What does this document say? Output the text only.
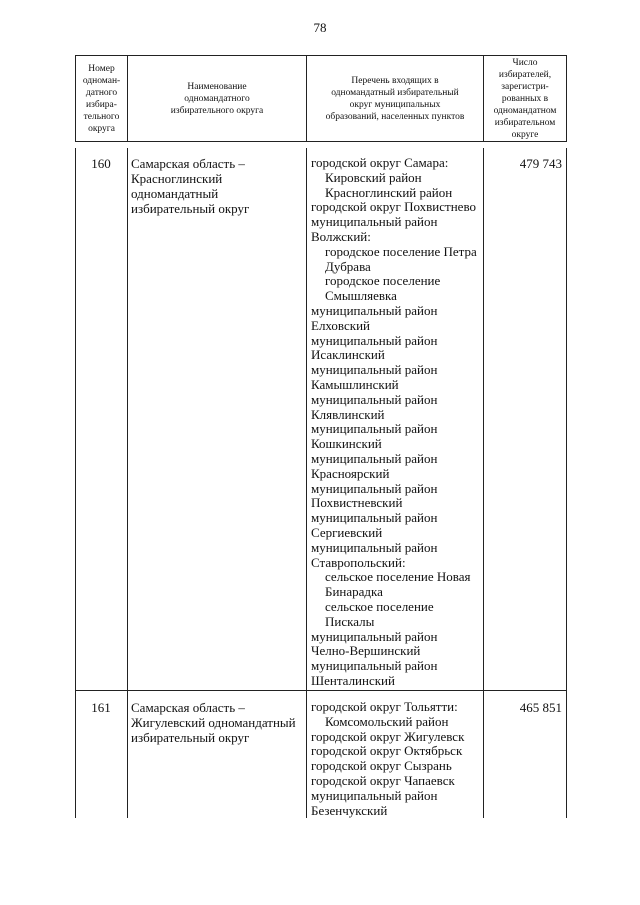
78
Номер
одноман-
датного
избира-
тельного
округа
Наименование
одномандатного
избирательного округа
Перечень входящих в
одномандатный избирательный
округ муниципальных
образований, населенных пунктов
Число
избирателей,
зарегистри-
рованных в
одномандатном
избирательном
округе
160	Самарская область –
Красноглинский
одномандатный
избирательный округ
городской округ Самара:
Кировский район
Красноглинский район
городской округ Похвистнево
муниципальный район
Волжский:
городское поселение Петра
Дубрава
городское поселение
Смышляевка
муниципальный район
Елховский
муниципальный район
Исаклинский
муниципальный район
Камышлинский
муниципальный район
Клявлинский
муниципальный район
Кошкинский
муниципальный район
Красноярский
муниципальный район
Похвистневский
муниципальный район
Сергиевский
муниципальный район
Ставропольский:
сельское поселение Новая
Бинарадка
сельское поселение
Пискалы
муниципальный район
Челно-Вершинский
муниципальный район
Шенталинский
479 743
161	Самарская область –
Жигулевский одномандатный
избирательный округ
городской округ Тольятти:
Комсомольский район
городской округ Жигулевск
городской округ Октябрьск
городской округ Сызрань
городской округ Чапаевск
муниципальный район
Безенчукский
465 851
